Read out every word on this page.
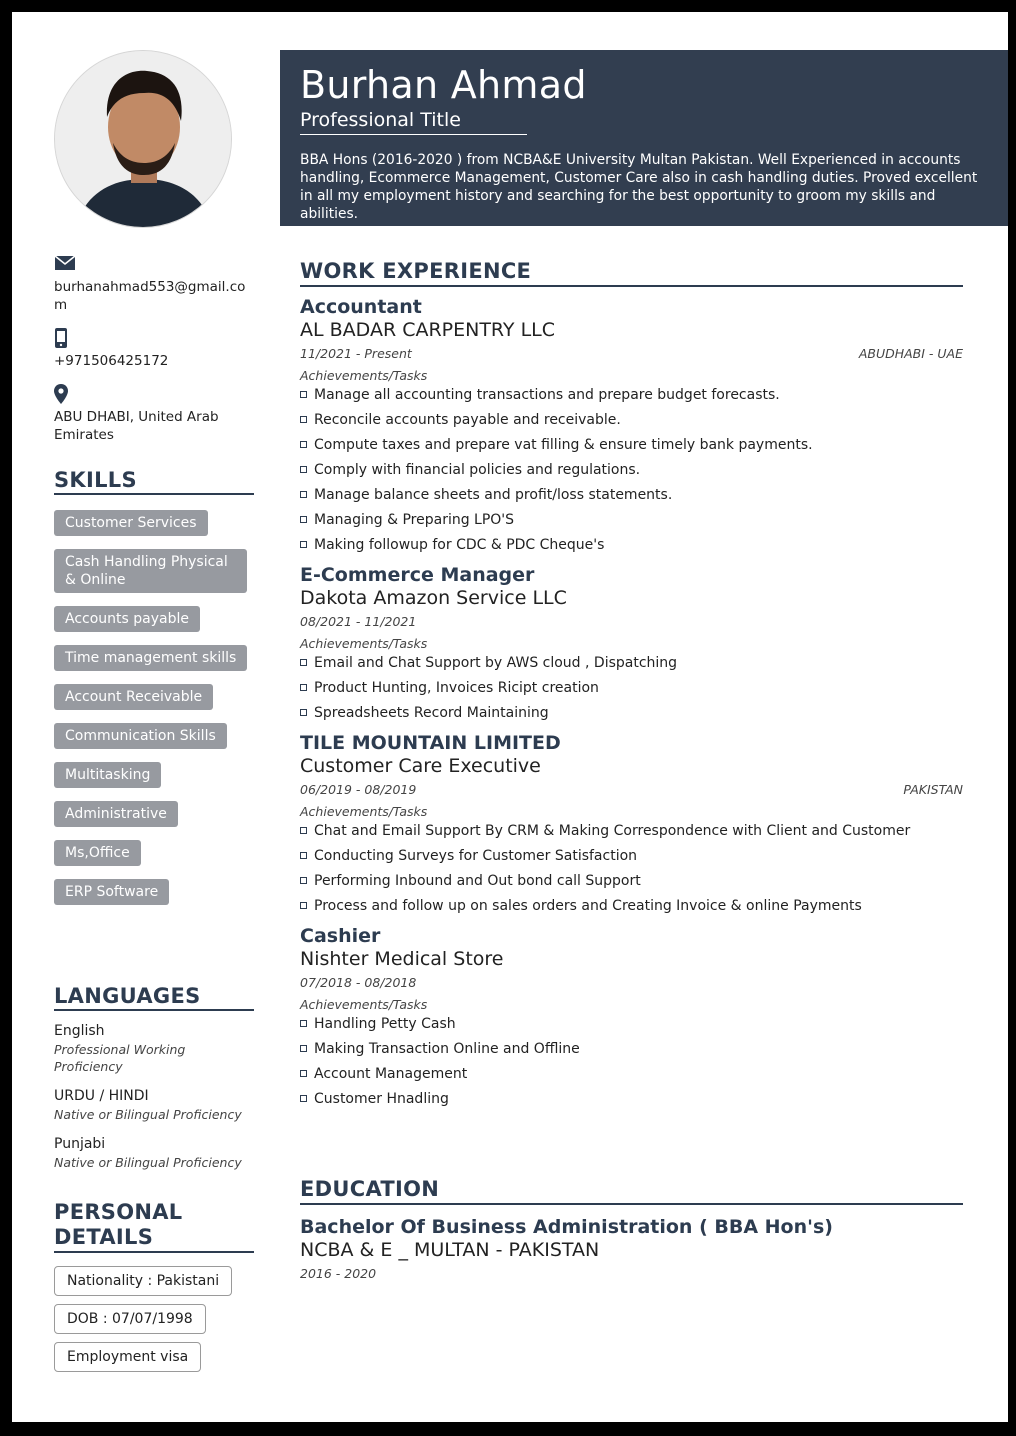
Burhan Ahmad
Professional Title
BBA Hons (2016-2020 ) from NCBA&E University Multan Pakistan. Well Experienced in accounts handling, Ecommerce Management, Customer Care also in cash handling duties. Proved excellent in all my employment history and searching for the best opportunity to groom my skills and abilities.
burhanahmad553@gmail.com
+971506425172
ABU DHABI, United Arab Emirates
SKILLS
Customer Services
Cash Handling Physical & Online
Accounts payable
Time management skills
Account Receivable
Communication Skills
Multitasking
Administrative
Ms,Office
ERP Software
LANGUAGES
English
Professional Working Proficiency
URDU / HINDI
Native or Bilingual Proficiency
Punjabi
Native or Bilingual Proficiency
PERSONAL DETAILS
Nationality : Pakistani
DOB : 07/07/1998
Employment visa
WORK EXPERIENCE
Accountant
AL BADAR CARPENTRY LLC
11/2021 - Present	ABUDHABI - UAE
Achievements/Tasks
Manage all accounting transactions and prepare budget forecasts.
Reconcile accounts payable and receivable.
Compute taxes and prepare vat filling & ensure timely bank payments.
Comply with financial policies and regulations.
Manage balance sheets and profit/loss statements.
Managing & Preparing LPO'S
Making followup for CDC & PDC Cheque's
E-Commerce Manager
Dakota Amazon Service LLC
08/2021 - 11/2021
Achievements/Tasks
Email and Chat Support by AWS cloud , Dispatching
Product Hunting, Invoices Ricipt creation
Spreadsheets Record Maintaining
TILE MOUNTAIN LIMITED
Customer Care Executive
06/2019 - 08/2019	PAKISTAN
Achievements/Tasks
Chat and Email Support By CRM & Making Correspondence with Client and Customer
Conducting Surveys for Customer Satisfaction
Performing Inbound and Out bond call Support
Process and follow up on sales orders and Creating Invoice & online Payments
Cashier
Nishter Medical Store
07/2018 - 08/2018
Achievements/Tasks
Handling Petty Cash
Making Transaction Online and Offline
Account Management
Customer Hnadling
EDUCATION
Bachelor Of Business Administration ( BBA Hon's)
NCBA & E _ MULTAN - PAKISTAN
2016 - 2020
